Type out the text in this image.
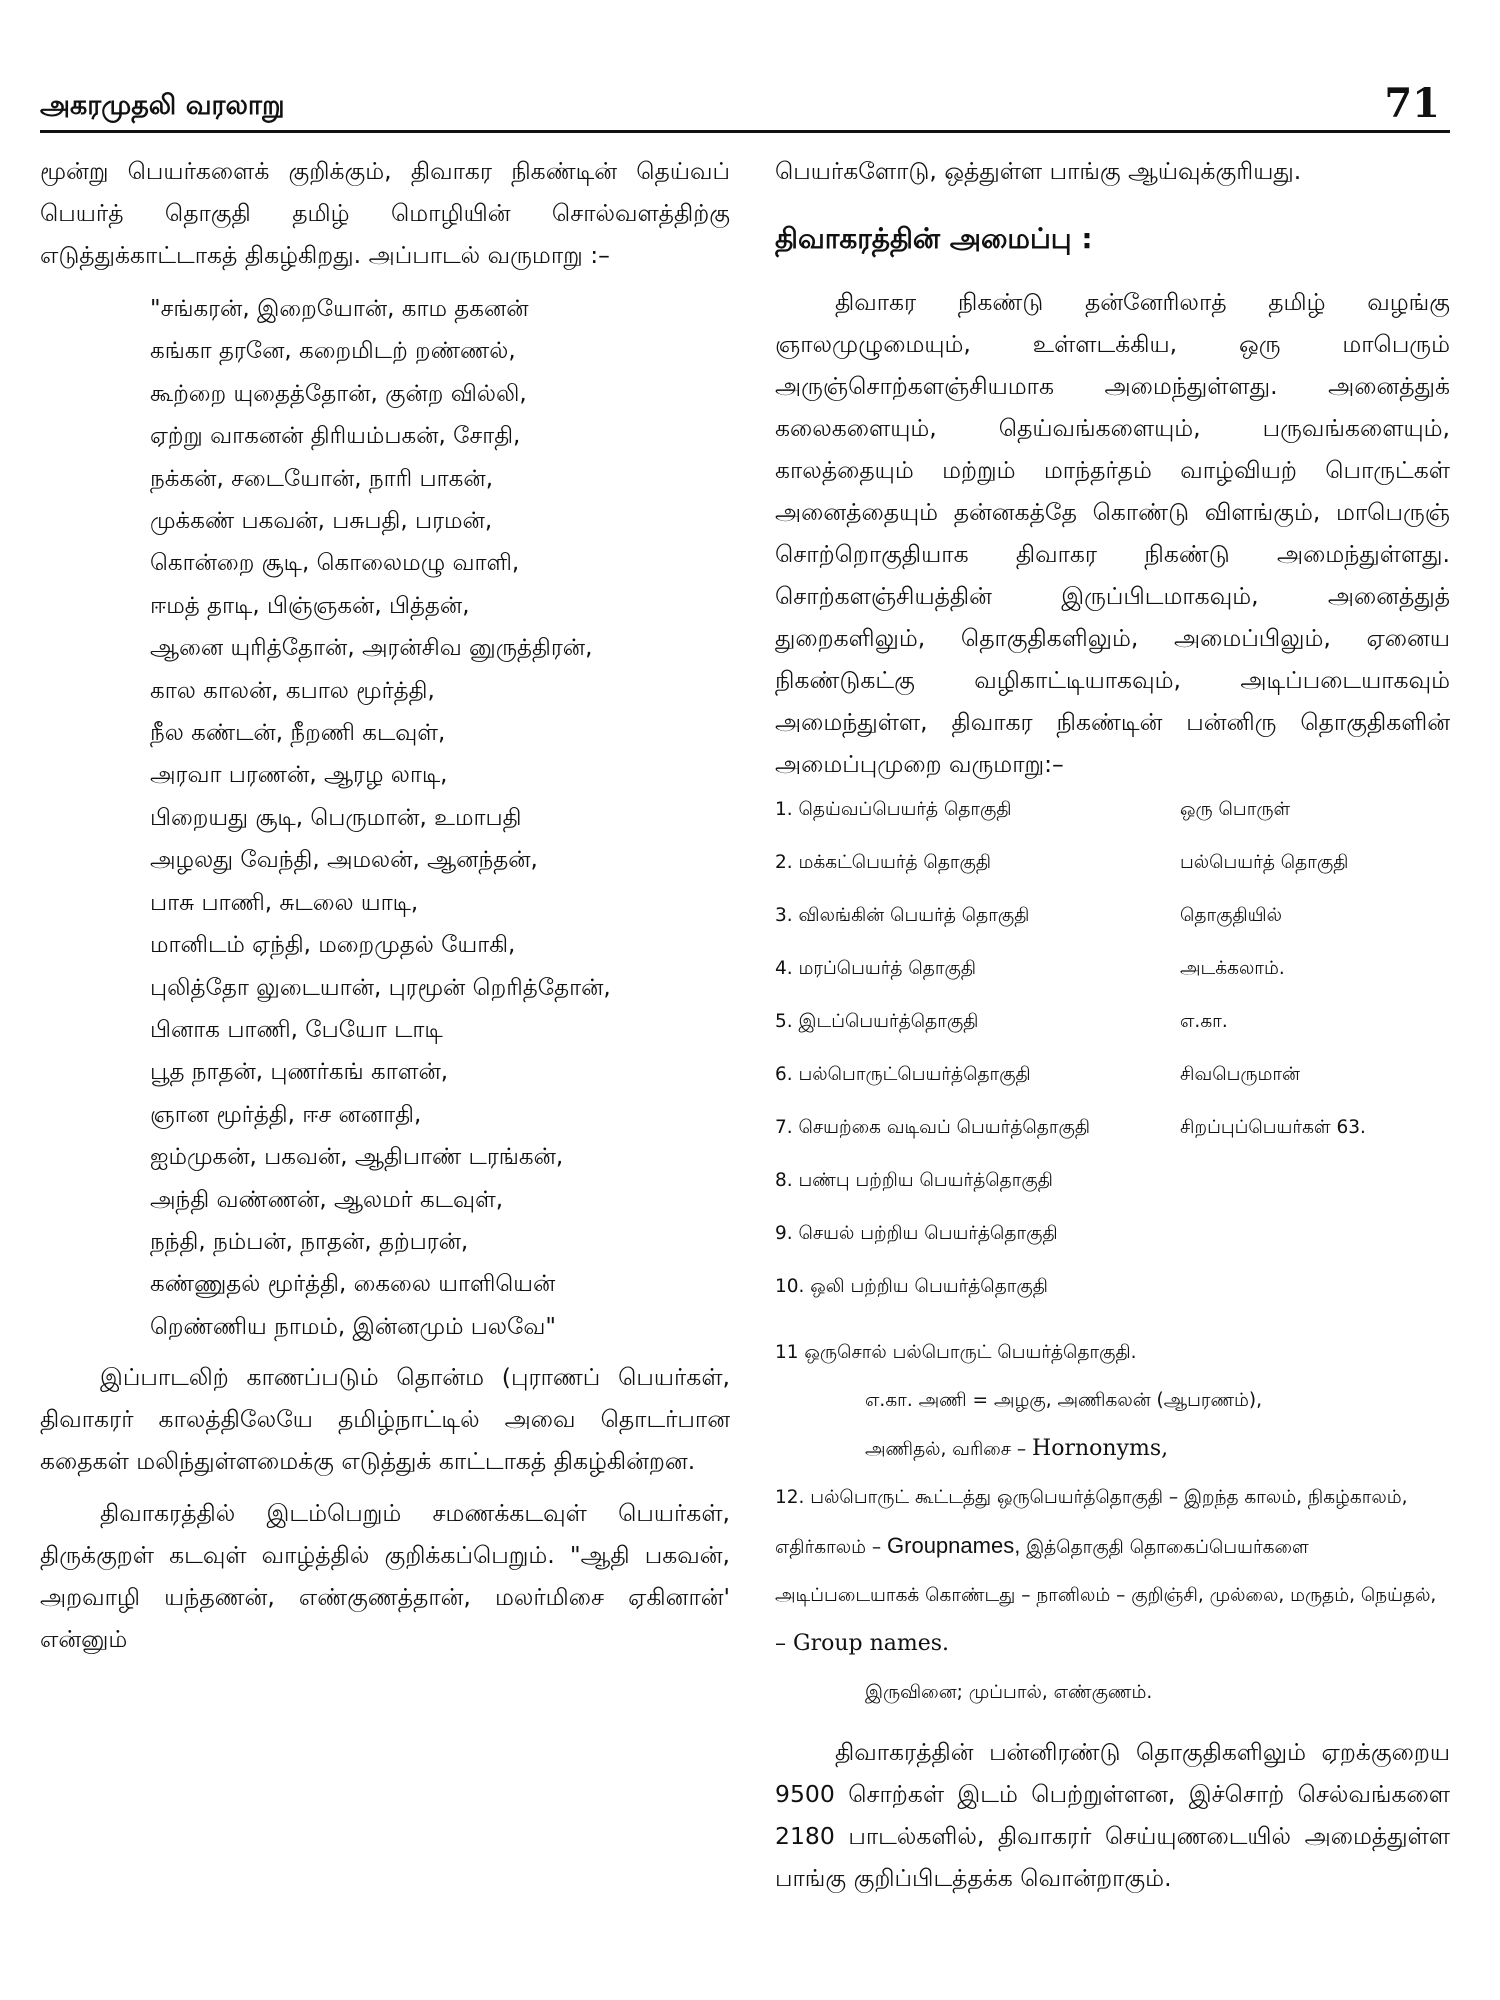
அகரமுதலி வரலாறு	71

மூன்று பெயர்களைக் குறிக்கும், திவாகர நிகண்டின் தெய்வப் பெயர்த் தொகுதி தமிழ் மொழியின் சொல்வளத்திற்கு எடுத்துக்காட்டாகத் திகழ்கிறது. அப்பாடல் வருமாறு :–

"சங்கரன், இறையோன், காம தகனன்
கங்கா தரனே, கறைமிடற் றண்ணல்,
கூற்றை யுதைத்தோன், குன்ற வில்லி,
ஏற்று வாகனன் திரியம்பகன், சோதி,
நக்கன், சடையோன், நாரி பாகன்,
முக்கண் பகவன், பசுபதி, பரமன்,
கொன்றை சூடி, கொலைமழு வாளி,
ஈமத் தாடி, பிஞ்ஞகன், பித்தன்,
ஆனை யுரித்தோன், அரன்சிவ னுருத்திரன்,
கால காலன், கபால மூர்த்தி,
நீல கண்டன், நீறணி கடவுள்,
அரவா பரணன், ஆரழ லாடி,
பிறையது சூடி, பெருமான், உமாபதி
அழலது வேந்தி, அமலன், ஆனந்தன்,
பாசு பாணி, சுடலை யாடி,
மானிடம் ஏந்தி, மறைமுதல் யோகி,
புலித்தோ லுடையான், புரமூன் றெரித்தோன்,
பினாக பாணி, பேயோ டாடி
பூத நாதன், புணர்கங் காளன்,
ஞான மூர்த்தி, ஈச னனாதி,
ஐம்முகன், பகவன், ஆதிபாண் டரங்கன்,
அந்தி வண்ணன், ஆலமர் கடவுள்,
நந்தி, நம்பன், நாதன், தற்பரன்,
கண்ணுதல் மூர்த்தி, கைலை யாளியென்
றெண்ணிய நாமம், இன்னமும் பலவே"

இப்பாடலிற் காணப்படும் தொன்ம (புராணப் பெயர்கள், திவாகரர் காலத்திலேயே தமிழ்நாட்டில் அவை தொடர்பான கதைகள் மலிந்துள்ளமைக்கு எடுத்துக் காட்டாகத் திகழ்கின்றன.

திவாகரத்தில் இடம்பெறும் சமணக்கடவுள் பெயர்கள், திருக்குறள் கடவுள் வாழ்த்தில் குறிக்கப்பெறும். "ஆதி பகவன், அறவாழி யந்தணன், எண்குணத்தான், மலர்மிசை ஏகினான்' என்னும்

பெயர்களோடு, ஒத்துள்ள பாங்கு ஆய்வுக்குரியது.

திவாகரத்தின் அமைப்பு :

திவாகர நிகண்டு தன்னேரிலாத் தமிழ் வழங்கு ஞாலமுழுமையும், உள்ளடக்கிய, ஒரு மாபெரும் அருஞ்சொற்களஞ்சியமாக அமைந்துள்ளது. அனைத்துக் கலைகளையும், தெய்வங்களையும், பருவங்களையும், காலத்தையும் மற்றும் மாந்தர்தம் வாழ்வியற் பொருட்கள் அனைத்தையும் தன்னகத்தே கொண்டு விளங்கும், மாபெருஞ் சொற்றொகுதியாக திவாகர நிகண்டு அமைந்துள்ளது. சொற்களஞ்சியத்தின் இருப்பிடமாகவும், அனைத்துத் துறைகளிலும், தொகுதிகளிலும், அமைப்பிலும், ஏனைய நிகண்டுகட்கு வழிகாட்டியாகவும், அடிப்படையாகவும் அமைந்துள்ள, திவாகர நிகண்டின் பன்னிரு தொகுதிகளின் அமைப்புமுறை வருமாறு:–

1. தெய்வப்பெயர்த் தொகுதி	ஒரு பொருள்
2. மக்கட்பெயர்த் தொகுதி	பல்பெயர்த் தொகுதி
3. விலங்கின் பெயர்த் தொகுதி	தொகுதியில்
4. மரப்பெயர்த் தொகுதி	அடக்கலாம்.
5. இடப்பெயர்த்தொகுதி	எ.கா.
6. பல்பொருட்பெயர்த்தொகுதி	சிவபெருமான்
7. செயற்கை வடிவப் பெயர்த்தொகுதி	சிறப்புப்பெயர்கள் 63.
8. பண்பு பற்றிய பெயர்த்தொகுதி
9. செயல் பற்றிய பெயர்த்தொகுதி
10. ஒலி பற்றிய பெயர்த்தொகுதி
11 ஒருசொல் பல்பொருட் பெயர்த்தொகுதி.
எ.கா. அணி = அழகு, அணிகலன் (ஆபரணம்),
அணிதல், வரிசை – Hornonyms,
12. பல்பொருட் கூட்டத்து ஒருபெயர்த்தொகுதி – இறந்த காலம், நிகழ்காலம்,
எதிர்காலம் – Groupnames, இத்தொகுதி தொகைப்பெயர்களை
அடிப்படையாகக் கொண்டது – நானிலம் – குறிஞ்சி, முல்லை, மருதம், நெய்தல்,
– Group names.
இருவினை; முப்பால், எண்குணம்.

திவாகரத்தின் பன்னிரண்டு தொகுதிகளிலும் ஏறக்குறைய 9500 சொற்கள் இடம் பெற்றுள்ளன, இச்சொற் செல்வங்களை 2180 பாடல்களில், திவாகரர் செய்யுணடையில் அமைத்துள்ள பாங்கு குறிப்பிடத்தக்க வொன்றாகும்.
